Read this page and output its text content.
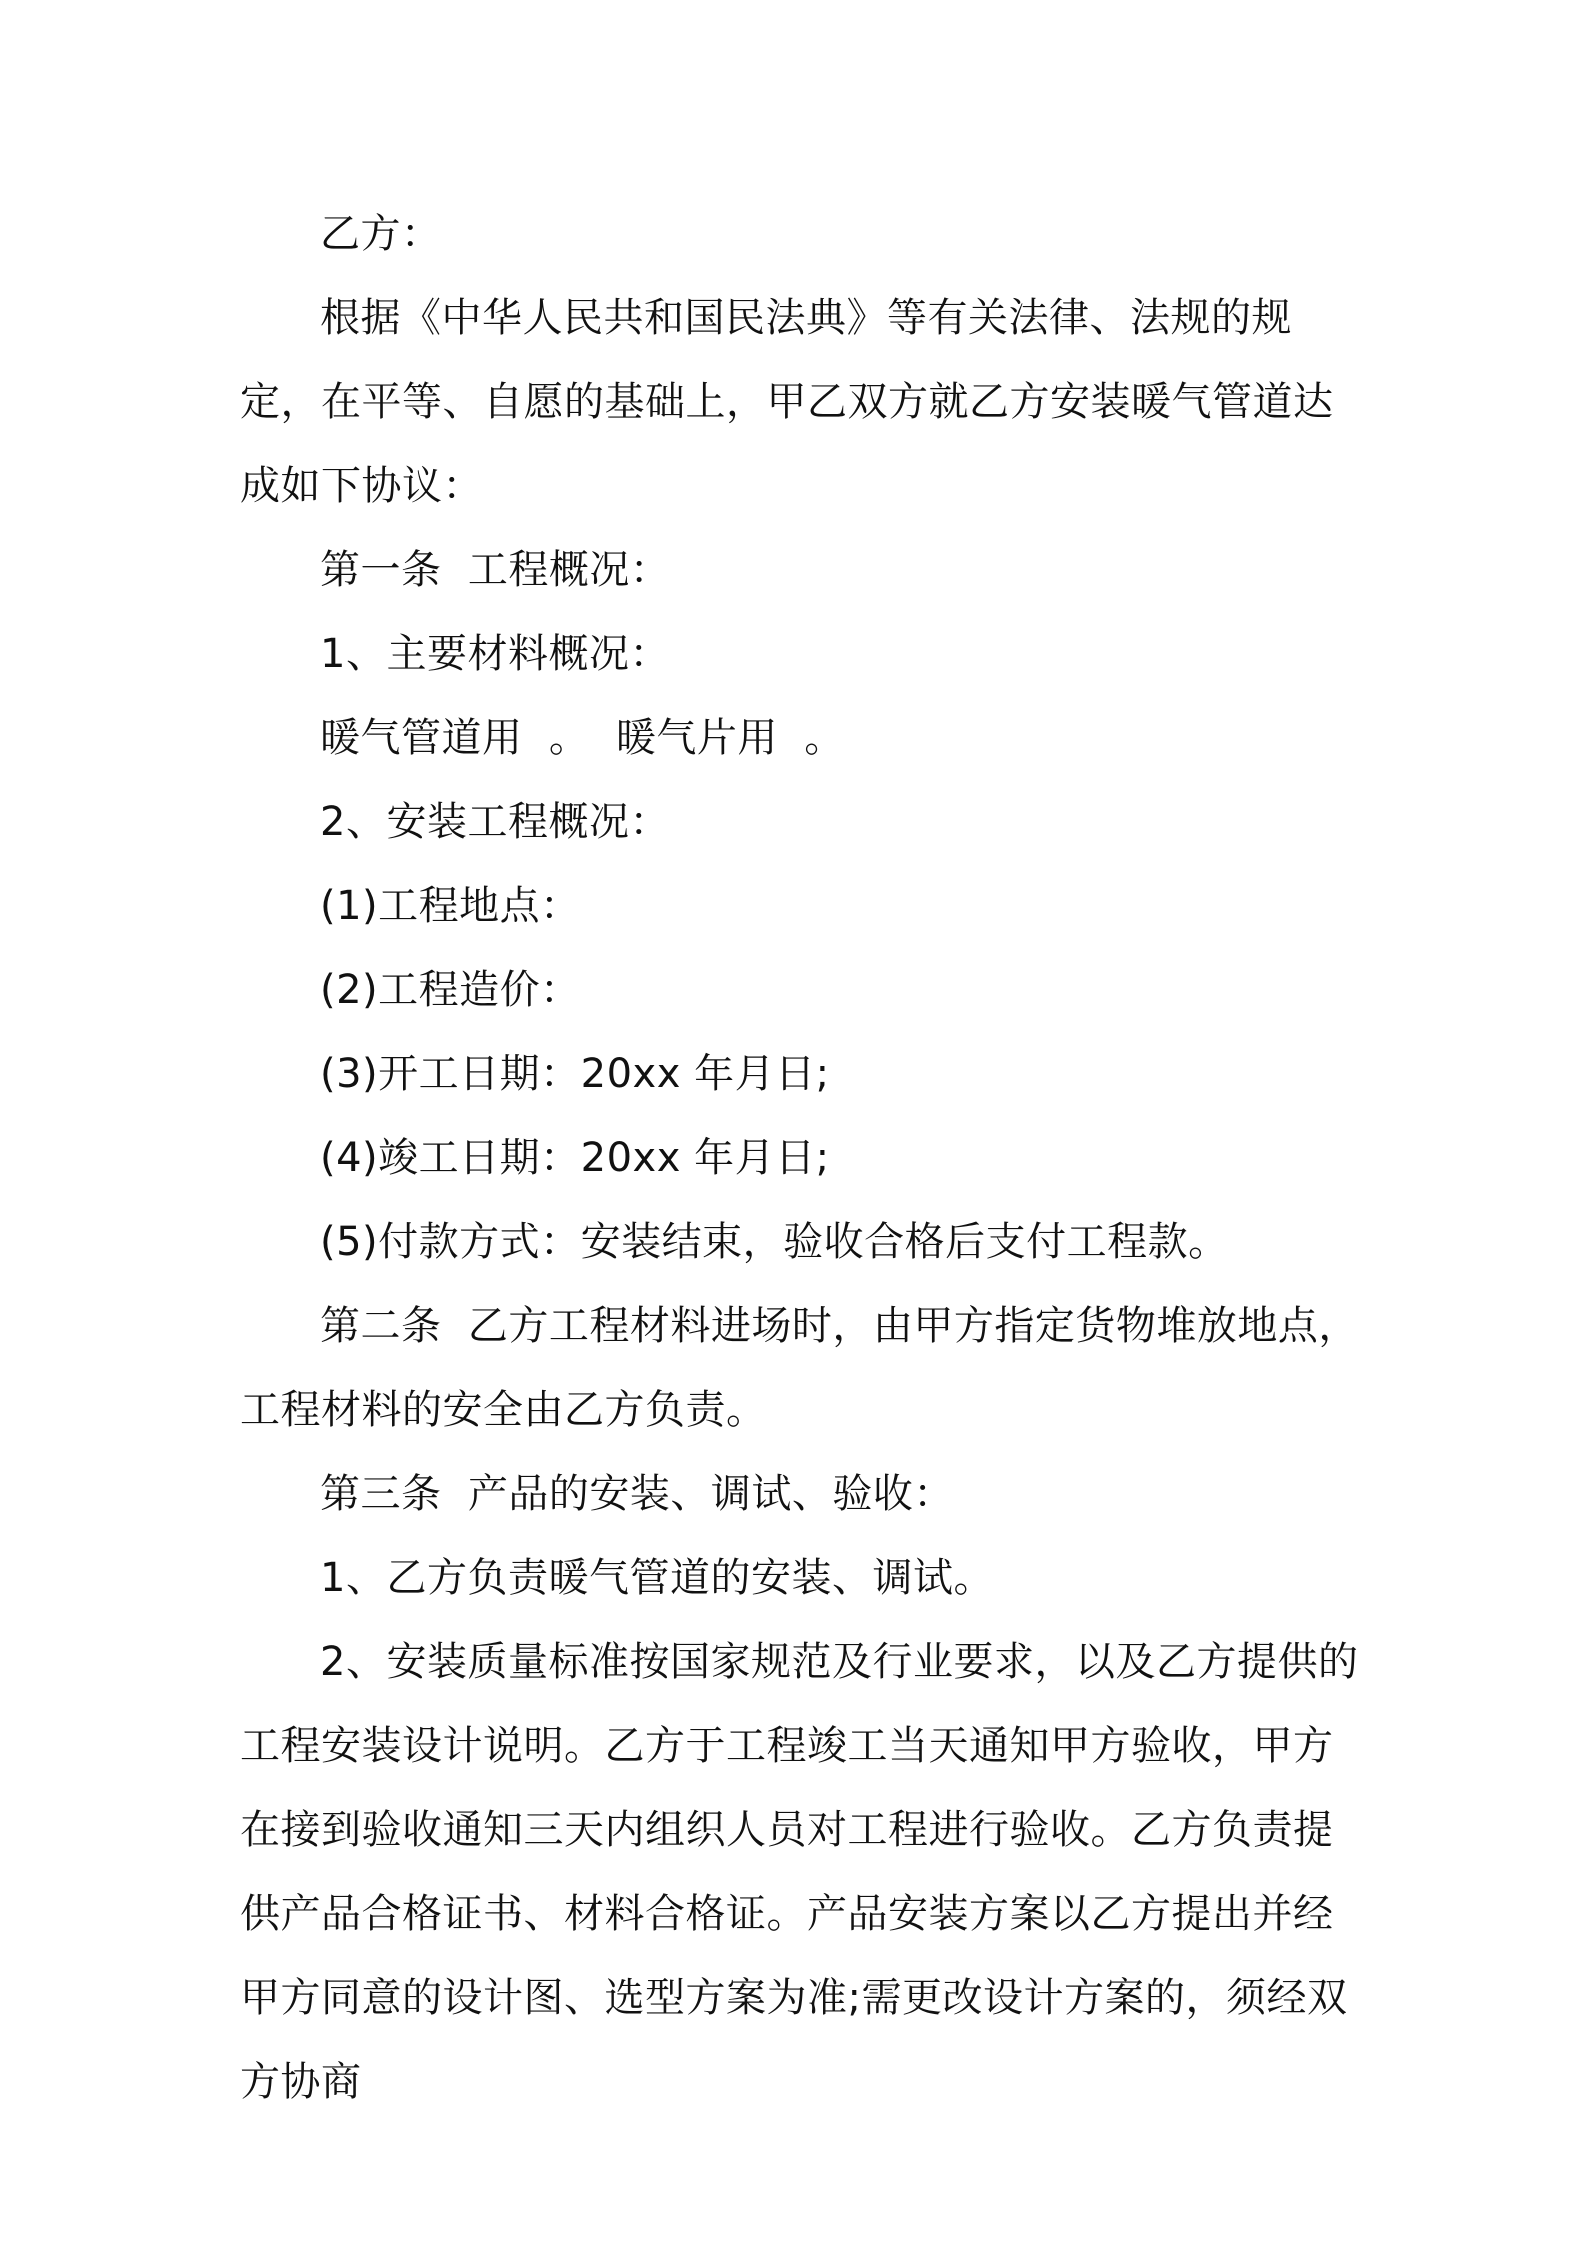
乙方：

根据《中华人民共和国民法典》等有关法律、法规的规定，在平等、自愿的基础上，甲乙双方就乙方安装暖气管道达成如下协议：

第一条  工程概况：

1、主要材料概况：

暖气管道用  。  暖气片用  。

2、安装工程概况：

(1)工程地点：

(2)工程造价：

(3)开工日期：20xx 年月日;

(4)竣工日期：20xx 年月日;

(5)付款方式：安装结束，验收合格后支付工程款。

第二条  乙方工程材料进场时，由甲方指定货物堆放地点，工程材料的安全由乙方负责。

第三条  产品的安装、调试、验收：

1、乙方负责暖气管道的安装、调试。

2、安装质量标准按国家规范及行业要求，以及乙方提供的工程安装设计说明。乙方于工程竣工当天通知甲方验收，甲方在接到验收通知三天内组织人员对工程进行验收。乙方负责提供产品合格证书、材料合格证。产品安装方案以乙方提出并经甲方同意的设计图、选型方案为准;需更改设计方案的，须经双方协商
